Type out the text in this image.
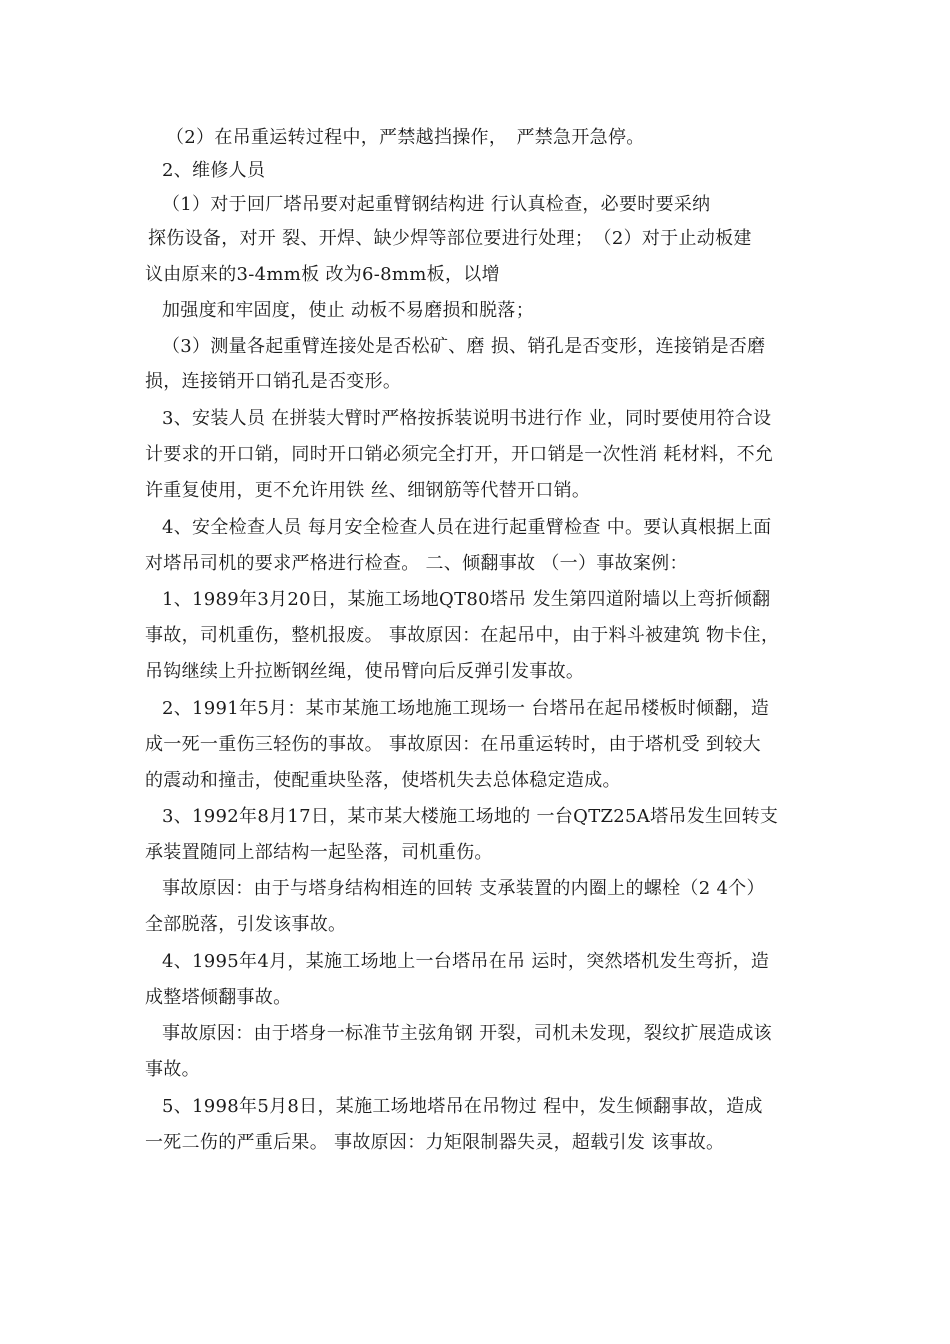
（2）在吊重运转过程中，严禁越挡操作，　严禁急开急停。
2、维修人员
（1）对于回厂塔吊要对起重臂钢结构进 行认真检查，必要时要采纳
探伤设备，对开 裂、开焊、缺少焊等部位要进行处理；　（2）对于止动板建
议由原来的3-4mm板 改为6-8mm板，以增
加强度和牢固度，使止 动板不易磨损和脱落；
（3）测量各起重臂连接处是否松矿、磨 损、销孔是否变形，连接销是否磨
损，连接销开口销孔是否变形。
3、安装人员 在拼装大臂时严格按拆装说明书进行作 业，同时要使用符合设
计要求的开口销，同时开口销必须完全打开，开口销是一次性消 耗材料，不允
许重复使用，更不允许用铁 丝、细钢筋等代替开口销。
4、安全检查人员 每月安全检查人员在进行起重臂检查 中。要认真根据上面
对塔吊司机的要求严格进行检查。 二、倾翻事故 （一）事故案例：
1、1989年3月20日，某施工场地QT80塔吊 发生第四道附墙以上弯折倾翻
事故，司机重伤，整机报废。 事故原因：在起吊中，由于料斗被建筑 物卡住，
吊钩继续上升拉断钢丝绳，使吊臂向后反弹引发事故。
2、1991年5月：某市某施工场地施工现场一 台塔吊在起吊楼板时倾翻，造
成一死一重伤三轻伤的事故。 事故原因：在吊重运转时，由于塔机受 到较大
的震动和撞击，使配重块坠落，使塔机失去总体稳定造成。
3、1992年8月17日，某市某大楼施工场地的 一台QTZ25A塔吊发生回转支
承装置随同上部结构一起坠落，司机重伤。
事故原因：由于与塔身结构相连的回转 支承装置的内圈上的螺栓（2 4个）
全部脱落，引发该事故。
4、1995年4月，某施工场地上一台塔吊在吊 运时，突然塔机发生弯折，造
成整塔倾翻事故。
事故原因：由于塔身一标准节主弦角钢 开裂，司机未发现，裂纹扩展造成该
事故。
5、1998年5月8日，某施工场地塔吊在吊物过 程中，发生倾翻事故，造成
一死二伤的严重后果。 事故原因：力矩限制器失灵，超载引发 该事故。
